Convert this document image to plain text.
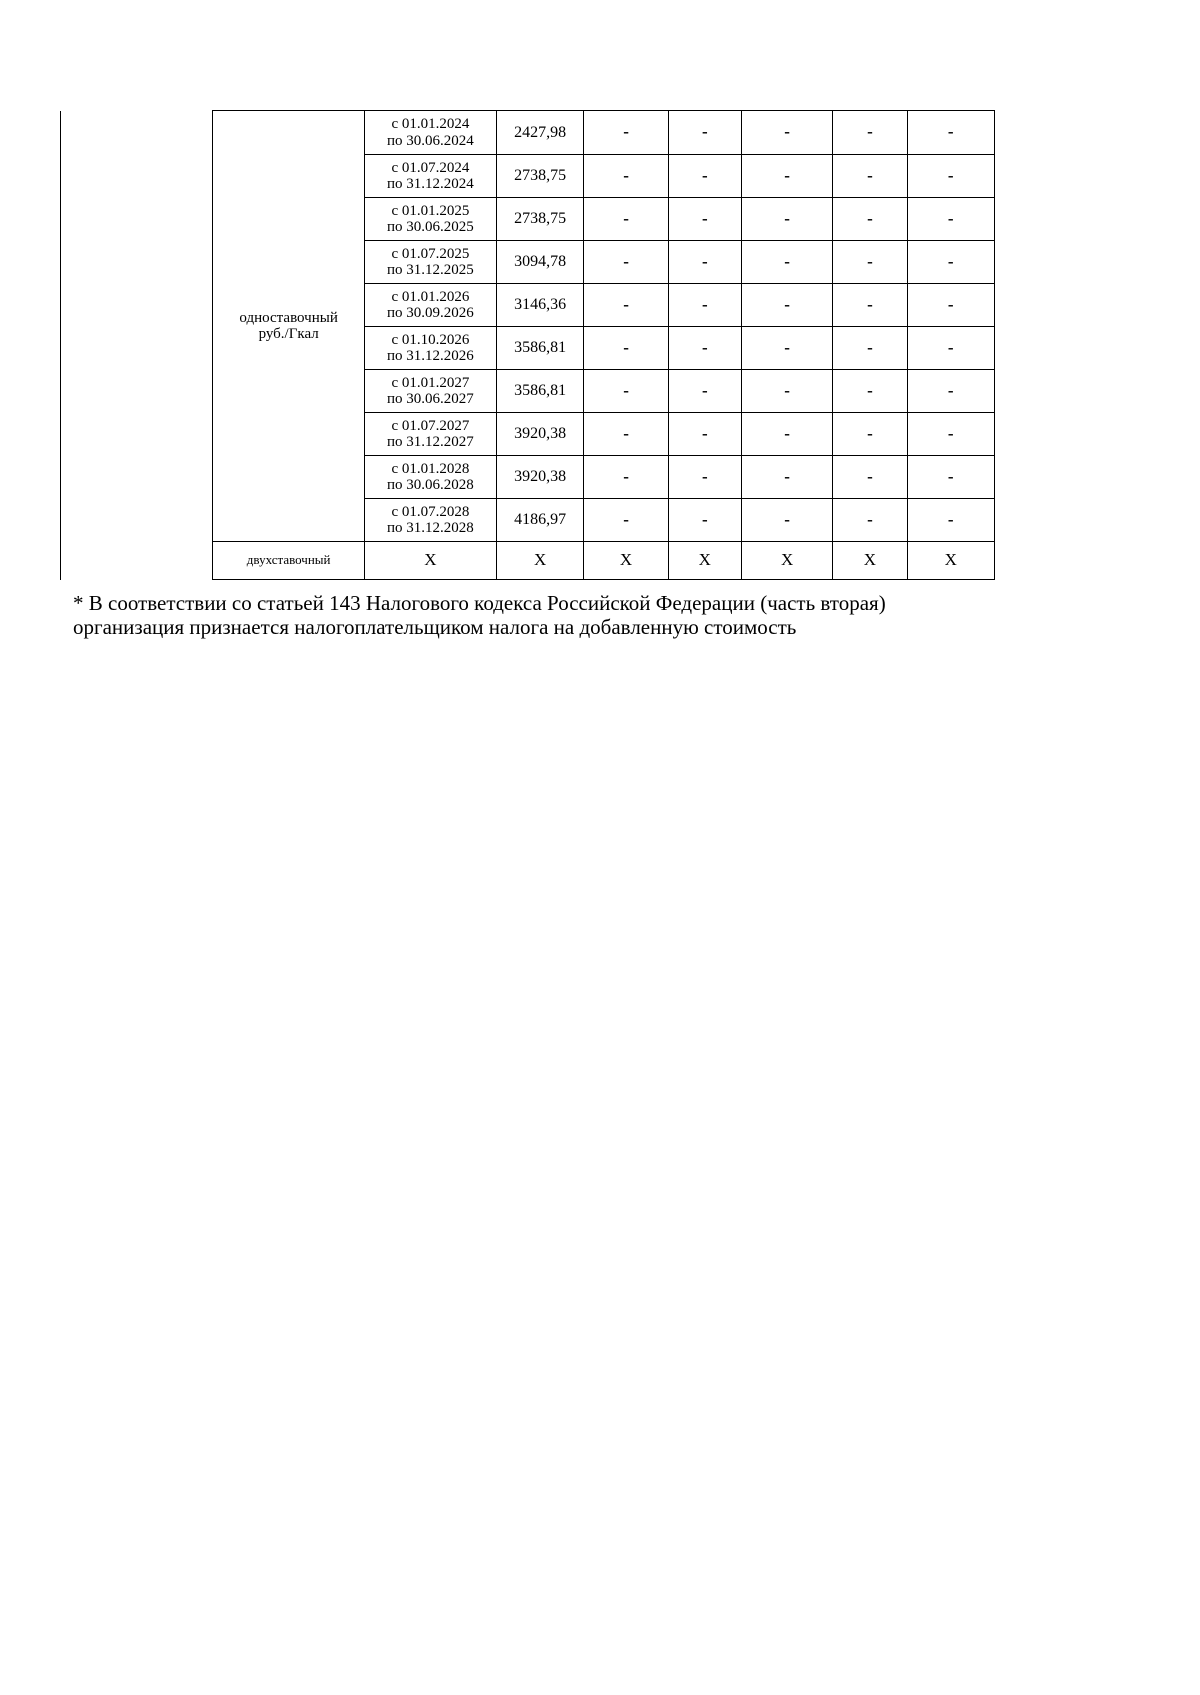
	одноставочный
руб./Гкал	с 01.01.2024
по 30.06.2024	2427,98	-	-	-	-	-

		с 01.07.2024
по 31.12.2024	2738,75	-	-	-	-	-

		с 01.01.2025
по 30.06.2025	2738,75	-	-	-	-	-

		с 01.07.2025
по 31.12.2025	3094,78	-	-	-	-	-

		с 01.01.2026
по 30.09.2026	3146,36	-	-	-	-	-

		с 01.10.2026
по 31.12.2026	3586,81	-	-	-	-	-

		с 01.01.2027
по 30.06.2027	3586,81	-	-	-	-	-

		с 01.07.2027
по 31.12.2027	3920,38	-	-	-	-	-

		с 01.01.2028
по 30.06.2028	3920,38	-	-	-	-	-

		с 01.07.2028
по 31.12.2028	4186,97	-	-	-	-	-
	двухставочный	X	X	X	X	X	X	X
* В соответствии со статьей 143 Налогового кодекса Российской Федерации (часть вторая)
организация признается налогоплательщиком налога на добавленную стоимость
